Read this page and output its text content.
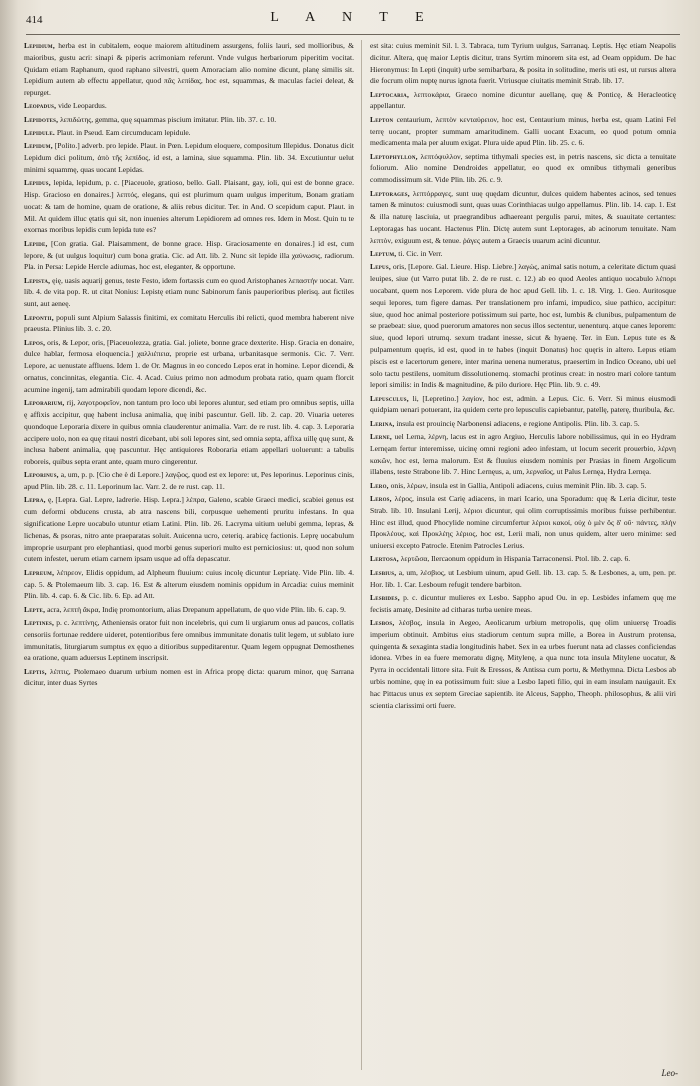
414	L A N T E

Lepidium, herba est in cubitalem, eoque maiorem altitudinem assurgens, foliis lauri, sed mollioribus, & maioribus, gustu acri: sinapi & piperis acrimoniam referunt. Vnde vulgus herbariorum piperitim vocitat. Quidam etiam Raphanum, quod raphano silvestri, quem Amoraciam alio nomine dicunt, planę similis sit. Lepidium autem ab effectu appellatur, quod πᾶς λεπίδας, hoc est, squammas, & maculas faciei deleat, & repurget.

Leopadus, vide Leopardus.

Lepidotes, λεπιδώτης, gemma, quę squammas piscium imitatur. Plin. lib. 37. c. 10.

Lepidule. Plaut. in Pseud. Eam circumducam lepidule.

Lepidum, [Polito.] adverb. pro lepide. Plaut. in Pœn. Lepidum eloquere, compositum Illepidus. Donatus dicit Lepidum dici politum, ἀπὸ τῆς λεπίδος, id est, a lamina, siue squamma. Plin. lib. 34. Excutiuntur uelut minimi squammę, quas uocant Lepidas.

Lepidus, lepida, lepidum, p. c. [Piaceuole, gratioso, bello. Gall. Plaisant, gay, ioli, qui est de bonne grace. Hisp. Gracioso en donaires.] λεπτός, elegans, qui est plurimum quam uulgus imperitum, Bonam gratiam uocat: & tam de homine, quam de oratione, & aliis rebus dicitur. Ter. in And. O scepidum caput. Plaut. in Mil. At quidem illuc ętatis qui sit, non inuenies alterum Lepidiorem ad omnes res. Idem in Most. Quin tu te exornas moribus lepidis cum lepida tute es?

Lepide, [Con gratia. Gal. Plaisamment, de bonne grace. Hisp. Graciosamente en donaires.] id est, cum lepore, & (ut uulgus loquitur) cum bona gratia. Cic. ad Att. lib. 2. Nunc sit lepide illa χαύνωσις, radiorum. Pla. in Persa: Lepide Hercle adiumas, hoc est, eleganter, & opportune.

Lepista, ęię, uasis aquarij genus, teste Festo, idem fortassis cum eo quod Aristophanes λεπαστήν uocat. Varr. lib. 4. de vita pop. R. ut citat Nonius: Lepistę etiam nunc Sabinorum fanis pauperioribus plerisq. aut fictiles sunt, aut aeneę.

Lepontii, populi sunt Alpium Salassis finitimi, ex comitatu Herculis ibi relicti, quod membra haberent nive praeusta. Plinius lib. 3. c. 20.

Lepos, oris, & Lepor, oris, [Piaceuolezza, gratia. Gal. joliete, bonne grace dexterite. Hisp. Gracia en donaire, dulce hablar, fermosa eloquencia.] χαλλιέπεια, proprie est urbana, urbanitasque sermonis. Cic. 7. Verr. Lepore, ac uenustate affluens. Idem 1. de Or. Magnus in eo concedo Lepos erat in homine. Lepor dicendi, & ornatus, concinnitas, elegantia. Cic. 4. Acad. Cuius primo non admodum probata ratio, quam quam florcit acumine ingenij, tam admirabili quodam lepore dicendi, &c.

Leporarium, rij, λαγοτροφεῖον, non tantum pro loco ubi lepores aluntur, sed etiam pro omnibus septis, uilla ę affixis accipitur, quę habent inclusa animalia, quę inibi pascuntur. Gell. lib. 2. cap. 20. Viuaria ueteres quondoque Leporaria dixere in quibus omnia clauderentur animalia. Varr. de re rust. lib. 4. cap. 3. Leporaria accipere uolo, non ea quę ritaui nostri dicebant, ubi soli lepores sint, sed omnia septa, affixa uillę quę sunt, & inclusa habent animalia, quę pascuntur. Hęc antiquiores Roboraria etiam appellari uoluerunt: a tabulis roboreis, quibus septa erant ante, quam muro cingerentur.

Leporinus, a, um, p. p. [Cio che è di Lepore.] λαγῷος, quod est ex lepore: ut, Pes leporinus. Leporinus cinis, apud Plin. lib. 28. c. 11. Leporinum lac. Varr. 2. de re rust. cap. 11.

Lepra, ę, [Lepra. Gal. Lepre, ladrerie. Hisp. Lepra.] λέπρα, Galeno, scabie Graeci medici, scabiei genus est cum deformi obducens crusta, ab atra nascens bili, corpusque uehementi pruritu infestans. In qua significatione Lepre uocabulo utuntur etiam Latini. Plin. lib. 26. Lacryma uitium uelubi gemma, lepras, & lichenas, & psoras, nitro ante praeparatas soluit. Auicenna ucro, ceteriq. arabicę factionis. Leprę uocabulum improprie usurpant pro elephantiasi, quod morbi genus superiori multo est perniciosius: ut, quod non solum cutem infestet, uerum etiam carnem ipsam usque ad offa depascatur.

Lepreum, λέπρεον, Elidis oppidum, ad Alpheum fluuium: cuius incolę dicuntur Lepriatę. Vide Plin. lib. 4. cap. 5. & Ptolemaeum lib. 3. cap. 16. Est & alterum eiusdem nominis oppidum in Arcadia: cuius meminit Plin. lib. 4. cap. 6. & Cic. lib. 6. Ep. ad Att.

Lepte, acra, λεπτὴ ἄκρα, Indię promontorium, alias Drepanum appellatum, de quo vide Plin. lib. 6. cap. 9.

Leptines, p. c. λεπτίνης, Atheniensis orator fuit non incelebris, qui cum li urgiarum onus ad paucos, collatis censoriis fortunae reddere uideret, potentioribus fere omnibus immunitate donatis tulit legem, ut sublato iure immunitatis, liturgiarum sumptus ex ęquo a ditioribus suppeditarentur. Quam legem oppugnat Demosthenes ea oratione, quam aduersus Leptinem inscripsit.

Leptis, λέπτις, Ptolemaeo duarum urbium nomen est in Africa propę dicta: quarum minor, quę Sarrana dicitur, inter duas Syrtes

est sita: cuius meminit Sil. l. 3. Tabraca, tum Tyrium uulgus, Sarranaq. Leptis. Hęc etiam Neapolis dicitur. Altera, quę maior Leptis dicitur, trans Syrtim minorem sita est, ad Oeam oppidum. De hac Hieronymus: In Lepti (inquit) urbe semibarbara, & posita in solitudine, meris uti est, ut rursus altera die focrum olim nuptę nurus ignota fuerit. Vtriusque ciuitatis meminit Strab. lib. 17.

Leptocaria, λεπτοκάρια, Graeco nomine dicuntur auellanę, quę & Ponticę, & Heracleoticę appellantur.

Lepton centaurium, λεπτὸν κενταύρειον, hoc est, Centaurium minus, herba est, quam Latini Fel terrę uocant, propter summam amaritudinem. Galli uocant Exacum, eo quod potum omnia medicamenta mala per aluum exigat. Plura uide apud Plin. lib. 25. c. 6.

Leptophyllon, λεπτόφυλλον, septima tithymali species est, in petris nascens, sic dicta a tenuitate foliorum. Alio nomine Dendroides appellatur, eo quod ex omnibus tithymali generibus commodissimum sit. Vide Plin. lib. 26. c. 9.

Leptorages, λεπτόρραγες, sunt uuę quędam dicuntur, dulces quidem habentes acinos, sed tenues tamen & minutos: cuiusmodi sunt, quas uuas Corinthiacas uulgo appellamus. Plin. lib. 14. cap. 1. Est & illa naturę lasciuia, ut praegrandibus adhaereant pergulis parui, mites, & suauitate certantes: Leptoragas has uocant. Hactenus Plin. Dictę autem sunt Leptorages, ab acinorum tenuitate. Nam λεπτὸν, exiguum est, & tenue. ῥάγες autem a Graecis uuarum acini dicuntur.

Leptum, ti. Cic. in Verr.

Lepus, oris, [Lepore. Gal. Lieure. Hisp. Liebre.] λαγώς, animal satis notum, a celeritate dictum quasi leuipes, siue (ut Varro putat lib. 2. de re rust. c. 12.) ab eo quod Aeoles antiquo uocabulo λέπορι uocabant, quem nos Leporem. vide plura de hoc apud Gell. lib. 1. c. 18. Virg. 1. Geo. Auritosque sequi lepores, tum figere damas. Per translationem pro infami, impudico, siue pathico, accipitur: siue, quod hoc animal posteriore potissimum sui parte, hoc est, lumbis & clunibus, pulpamentum de se praebeat: siue, quod puerorum amatores non secus illos sectentur, uenenturq. atque canes leporem: siue, quod lepori utrumq. sexum tradant inesse, sicut & hyaenę. Ter. in Eun. Lepus tute es & pulpamentum quęris, id est, quod in te habes (inquit Donatus) hoc quęris in altero. Lepus etiam piscis est e lacertorum genere, inter marina uenena numeratus, praesertim in Indico Oceano, ubi uel solo tactu pestilens, uomitum dissolutionemq. stomachi protinus creat: in nostro mari colore tantum lepori similis: in Indis & magnitudine, & pilo duriore. Hęc Plin. lib. 9. c. 49.

Lepusculus, li, [Lepretino.] λαγίον, hoc est, admin. a Lepus. Cic. 6. Verr. Si minus eiusmodi quidpiam uenari potuerant, ita quidem certe pro lepusculis capiebantur, patellę, paterę, thuribula, &c.

Lerina, insula est prouincię Narbonensi adiacens, e regione Antipolis. Plin. lib. 3. cap. 5.

Lerne, uel Lerna, λέρνη, lacus est in agro Argiuo, Herculis labore nobilissimus, qui in eo Hydram Lernęam fertur interemisse, uicinę omni regioni adeo infestam, ut locum secerit prouerbio, λέρνη κακῶν, hoc est, lerna malorum. Est & fluuius eiusdem nominis per Prasias in finem Argolicum illabens, teste Strabone lib. 7. Hinc Lernęus, a, um, λερναῖος, ut Palus Lernęa, Hydra Lernęa.

Lero, onis, λέρων, insula est in Gallia, Antipoli adiacens, cuius meminit Plin. lib. 3. cap. 5.

Leros, λέρος, insula est Carię adiacens, in mari Icario, una Sporadum: quę & Leria dicitur, teste Strab. lib. 10. Insulani Lerij, λέριοι dicuntur, qui olim corruptissimis moribus fuisse perhibentur. Hinc est illud, quod Phocylide nomine circumfertur λέριοι κακοί, οὐχ ὁ μὲν ὃς δ' οὔ· πάντες, πλὴν Προκλέους, καὶ Προκλέης λέριος, hoc est, Lerii mali, non unus quidem, alter uero minime: sed uniuersi excepto Patrocle. Etenim Patrocles Lerius.

Lertosa, λερτῶσα, Ilercaonum oppidum in Hispania Tarraconensi. Ptol. lib. 2. cap. 6.

Lesbius, a, um, λέσβιος, ut Lesbium uinum, apud Gell. lib. 13. cap. 5. & Lesbones, a, um, pen. pr. Hor. lib. 1. Car. Lesboum refugit tendere barbiton.

Lesbides, p. c. dicuntur mulieres ex Lesbo. Sappho apud Ou. in ep. Lesbides infamem quę me fecistis amatę, Desinite ad citharas turba uenire meas.

Lesbos, λέσβος, insula in Aegeo, Aeolicarum urbium metropolis, quę olim uniuersę Troadis imperium obtinuit. Ambitus eius stadiorum centum supra mille, a Borea in Austrum protensa, quingenta & sexaginta stadia longitudinis habet. Sex in ea urbes fuerunt nata ad classes conficiendas idonea. Vrbes in ea fuere memoratu dignę, Mitylenę, a qua nunc tota insula Mitylene uocatur, & Pyrra in occidentali littore sita. Fuit & Eressos, & Antissa cum portu, & Methymna. Dicta Lesbos ab urbis nomine, quę in ea potissimum fuit: siue a Lesbo Iapeti filio, qui in eam insulam nauigauit. Ex hac Pittacus unus ex septem Greciae sapientib. ite Alceus, Sappho, Theoph. philosophus, & alii viri scientia clarissimi orti fuere.

Leo-
